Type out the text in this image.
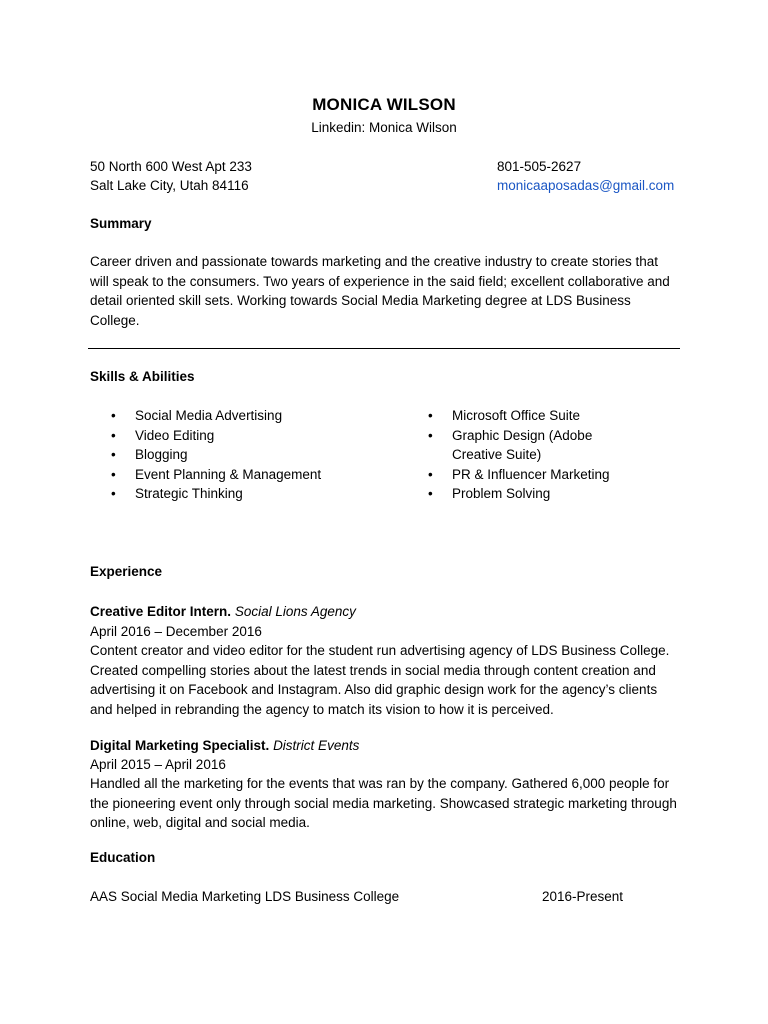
MONICA WILSON
Linkedin: Monica Wilson
50 North 600 West Apt 233
Salt Lake City, Utah 84116
801-505-2627
monicaaposadas@gmail.com
Summary
Career driven and passionate towards marketing and the creative industry to create stories that will speak to the consumers. Two years of experience in the said field; excellent collaborative and detail oriented skill sets. Working towards Social Media Marketing degree at LDS Business College.
Skills & Abilities
• Social Media Advertising
• Video Editing
• Blogging
• Event Planning & Management
• Strategic Thinking
• Microsoft Office Suite
• Graphic Design (Adobe Creative Suite)
• PR & Influencer Marketing
• Problem Solving
Experience
Creative Editor Intern. Social Lions Agency
April 2016 – December 2016
Content creator and video editor for the student run advertising agency of LDS Business College. Created compelling stories about the latest trends in social media through content creation and advertising it on Facebook and Instagram. Also did graphic design work for the agency’s clients and helped in rebranding the agency to match its vision to how it is perceived.
Digital Marketing Specialist. District Events
April 2015 – April 2016
Handled all the marketing for the events that was ran by the company. Gathered 6,000 people for the pioneering event only through social media marketing. Showcased strategic marketing through online, web, digital and social media.
Education
AAS Social Media Marketing LDS Business College	2016-Present
